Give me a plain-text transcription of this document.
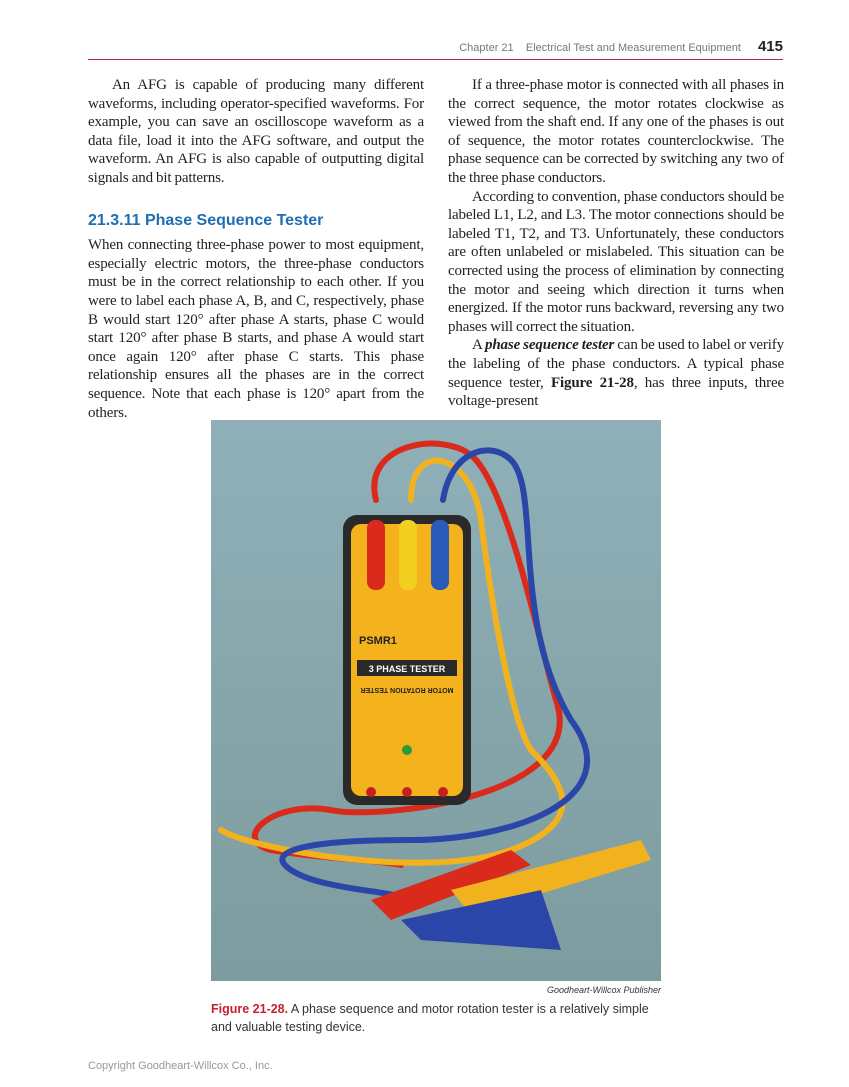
Chapter 21 Electrical Test and Measurement Equipment 415

An AFG is capable of producing many different waveforms, including operator-specified waveforms. For example, you can save an oscilloscope waveform as a data file, load it into the AFG software, and output the waveform. An AFG is also capable of outputting digital signals and bit patterns.

21.3.11 Phase Sequence Tester

When connecting three-phase power to most equipment, especially electric motors, the three-phase conductors must be in the correct relationship to each other. If you were to label each phase A, B, and C, respectively, phase B would start 120° after phase A starts, phase C would start 120° after phase B starts, and phase A would start once again 120° after phase C starts. This phase relationship ensures all the phases are in the correct sequence. Note that each phase is 120° apart from the others.

If a three-phase motor is connected with all phases in the correct sequence, the motor rotates clockwise as viewed from the shaft end. If any one of the phases is out of sequence, the motor rotates counterclockwise. The phase sequence can be corrected by switching any two of the three phase conductors.

According to convention, phase conductors should be labeled L1, L2, and L3. The motor connections should be labeled T1, T2, and T3. Unfortunately, these conductors are often unlabeled or mislabeled. This situation can be corrected using the process of elimination by connecting the motor and seeing which direction it turns when energized. If the motor runs backward, reversing any two phases will correct the situation.

A phase sequence tester can be used to label or verify the labeling of the phase conductors. A typical phase sequence tester, Figure 21-28, has three inputs, three voltage-present

PSMR1
3 PHASE TESTER
MOTOR ROTATION TESTER
Goodheart-Willcox Publisher
Figure 21-28. A phase sequence and motor rotation tester is a relatively simple and valuable testing device.
Copyright Goodheart-Willcox Co., Inc.
